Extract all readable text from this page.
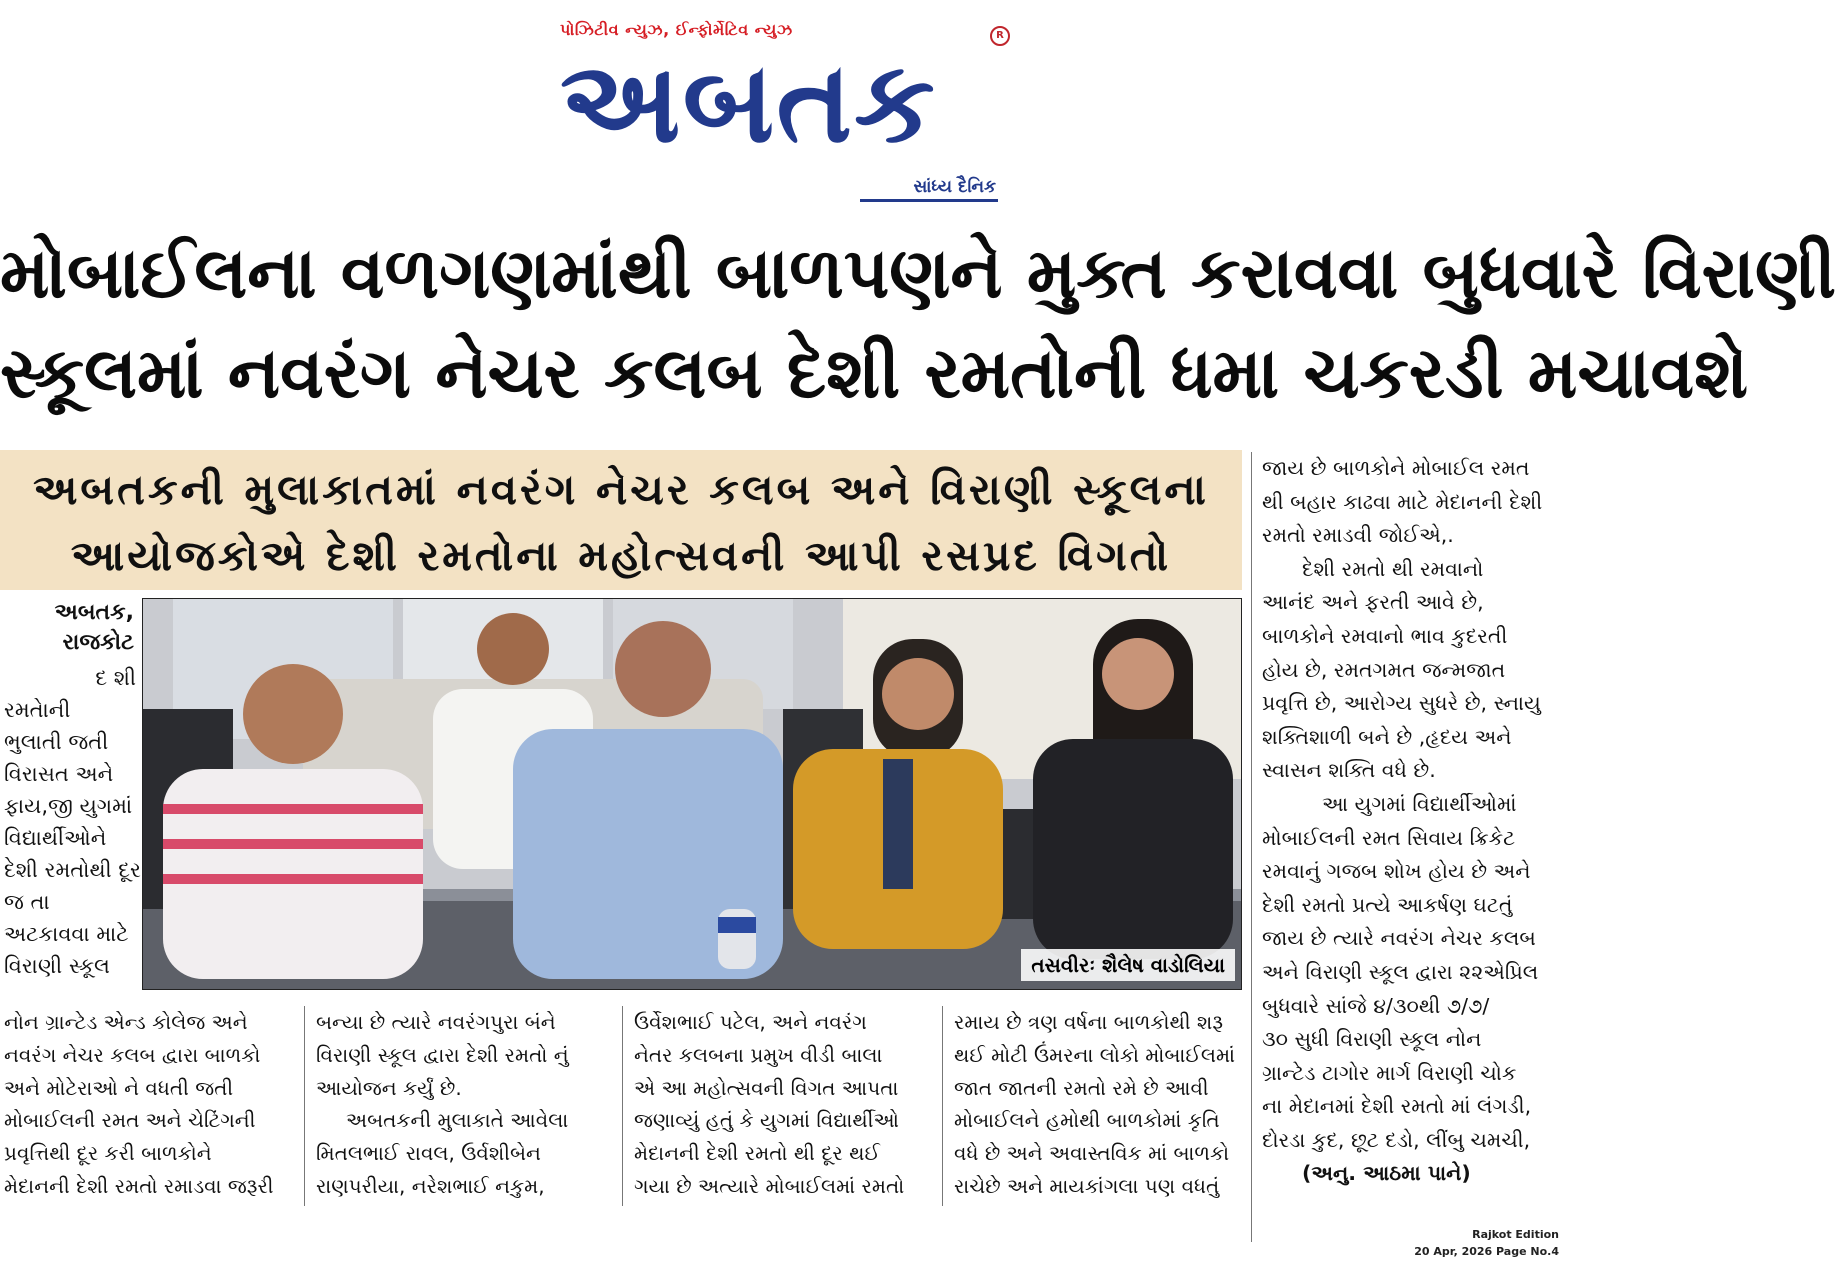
પોઝિટીવ ન્યુઝ, ઈન્ફોર્મેટિવ ન્યુઝ	R
અબતક
સાંધ્ય દૈનિક
મોબાઈલના વળગણમાંથી બાળપણને મુક્ત કરાવવા બુધવારે વિરાણી
સ્કૂલમાં નવરંગ નેચર કલબ દેશી રમતોની ધમા ચકરડી મચાવશે
અબતકની મુલાકાતમાં નવરંગ નેચર કલબ અને વિરાણી સ્કૂલના
આયોજકોએ દેશી રમતોના મહોત્સવની આપી રસપ્રદ વિગતો
તસવીરઃ શૈલેષ વાડોલિયા
અબતક,
રાજકોટ
દ શી
રમતાેની
ભુલાતી જતી
વિરાસત અને
ફાય,જી યુગમાં
વિદ્યાર્થીઓને
દેશી રમતોથી દૂર
જ તા
અટકાવવા માટે
વિરાણી સ્કૂલ
જાય છે બાળકોને મોબાઈલ રમત
થી બહાર કાઢવા માટે મેદાનની દેશી
રમતો રમાડવી જોઈએ,.
દેશી રમતો થી રમવાનો
આનંદ અને ફરતી આવે છે,
બાળકોને રમવાનો ભાવ કુદરતી
હોય છે, રમતગમત જન્મજાત
પ્રવૃત્તિ છે, આરોગ્ય સુધરે છે, સ્નાયુ
શક્તિશાળી બને છે ,હૃદય અને
સ્વાસન શક્તિ વધે છે.
આ યુગમાં વિદ્યાર્થીઓમાં
મોબાઈલની રમત સિવાય ક્રિકેટ
રમવાનું ગજબ શોખ હોય છે અને
દેશી રમતો પ્રત્યે આકર્ષણ ઘટતું
જાય છે ત્યારે નવરંગ નેચર કલબ
અને વિરાણી સ્કૂલ દ્વારા ૨૨એપ્રિલ
બુધવારે સાંજે ૪/૩૦થી ૭/૭/
૩૦ સુધી વિરાણી સ્કૂલ નોન
ગ્રાન્ટેડ ટાગોર માર્ગ વિરાણી ચોક
ના મેદાનમાં દેશી રમતો માં લંગડી,
દોરડા કુદ, છૂટ દડો, લીંબુ ચમચી,
(અનુ. આઠમા પાને)
નોન ગ્રાન્ટેડ એન્ડ કોલેજ અને
નવરંગ નેચર કલબ દ્વારા બાળકો
અને મોટેરાઓ ને વધતી જતી
મોબાઈલની રમત અને ચેટિંગની
પ્રવૃત્તિથી દૂર કરી બાળકોને
મેદાનની દેશી રમતો રમાડવા જરૂરી
બન્યા છે ત્યારે નવરંગપુરા બંને
વિરાણી સ્કૂલ દ્વારા દેશી રમતો નું
આયોજન કર્યું છે.
અબતકની મુલાકાતે આવેલા
મિતલભાઈ રાવલ, ઉર્વશીબેન
રાણપરીયા, નરેશભાઈ નકુમ,
ઉર્વેશભાઈ પટેલ, અને નવરંગ
નેતર કલબના પ્રમુખ વીડી બાલા
એ આ મહોત્સવની વિગત આપતા
જણાવ્યું હતું કે યુગમાં વિદ્યાર્થીઓ
મેદાનની દેશી રમતો થી દૂર થઈ
ગયા છે અત્યારે મોબાઈલમાં રમતો
રમાય છે ત્રણ વર્ષના બાળકોથી શરૂ
થઈ મોટી ઉંમરના લોકો મોબાઈલમાં
જાત જાતની રમતો રમે છે આવી
મોબાઈલને હમોથી બાળકોમાં કૃતિ
વધે છે અને અવાસ્તવિક માં બાળકો
રાચેછે અને માયકાંગલા પણ વધતું
Rajkot Edition
20 Apr, 2026 Page No.4
